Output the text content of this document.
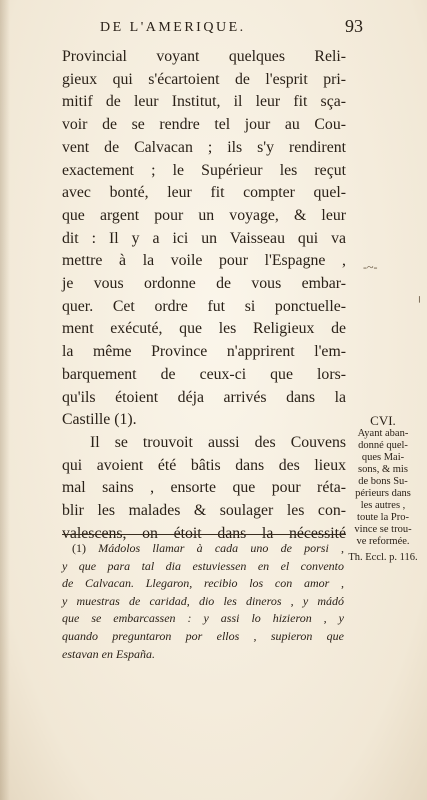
DE L'AMERIQUE.	93
Provincial voyant quelques Reli-
gieux qui s'écartoient de l'esprit pri-
mitif de leur Institut, il leur fit sça-
voir de se rendre tel jour au Cou-
vent de Calvacan ; ils s'y rendirent
exactement ; le Supérieur les reçut
avec bonté, leur fit compter quel-
que argent pour un voyage, & leur
dit : Il y a ici un Vaisseau qui va
mettre à la voile pour l'Espagne ,
je vous ordonne de vous embar-
quer. Cet ordre fut si ponctuelle-
ment exécuté, que les Religieux de
la même Province n'apprirent l'em-
barquement de ceux-ci que lors-
qu'ils étoient déja arrivés dans la
Castille (1).
Il se trouvoit aussi des Couvens
qui avoient été bâtis dans des lieux
mal sains , ensorte que pour réta-
blir les malades & soulager les con-
valescens, on étoit dans la nécessité
-~-
╷
CVI.
Ayant aban-
donné quel-
ques Mai-
sons, & mis
de bons Su-
périeurs dans
les autres ,
toute la Pro-
vince se trou-
ve reformée.
Th. Eccl. p. 116.
(1) Mádolos llamar à cada uno de porsi ,
y que para tal dia estuviessen en el convento
de Calvacan. Llegaron, recibio los con amor ,
y muestras de caridad, dio les dineros , y mádó
que se embarcassen : y assi lo hizieron , y
quando preguntaron por ellos , supieron que
estavan en España.
